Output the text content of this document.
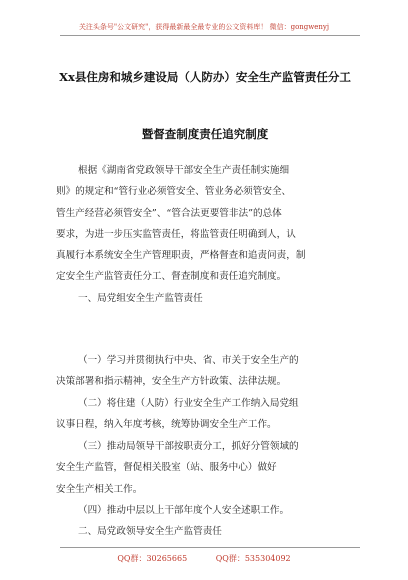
关注头条号"公文研究"，获得最新最全最专业的公文资料库！ 微信：gongwenyj
Xx县住房和城乡建设局（人防办）安全生产监管责任分工
暨督查制度责任追究制度
根据《湖南省党政领导干部安全生产责任制实施细
则》的规定和“管行业必须管安全、管业务必须管安全、
管生产经营必须管安全”、“管合法更要管非法”的总体
要求，为进一步压实监管责任，将监管责任明确到人，认
真履行本系统安全生产管理职责，严格督查和追责问责，制
定安全生产监管责任分工、督查制度和责任追究制度。
一、局党组安全生产监管责任
（一）学习并贯彻执行中央、省、市关于安全生产的
决策部署和指示精神，安全生产方针政策、法律法规。
（二）将住建（人防）行业安全生产工作纳入局党组
议事日程，纳入年度考核，统筹协调安全生产工作。
（三）推动局领导干部按职责分工，抓好分管领域的
安全生产监管，督促相关股室（站、服务中心）做好
安全生产相关工作。
（四）推动中层以上干部年度个人安全述职工作。
二、局党政领导安全生产监管责任
QQ群：30265665	QQ群：535304092
